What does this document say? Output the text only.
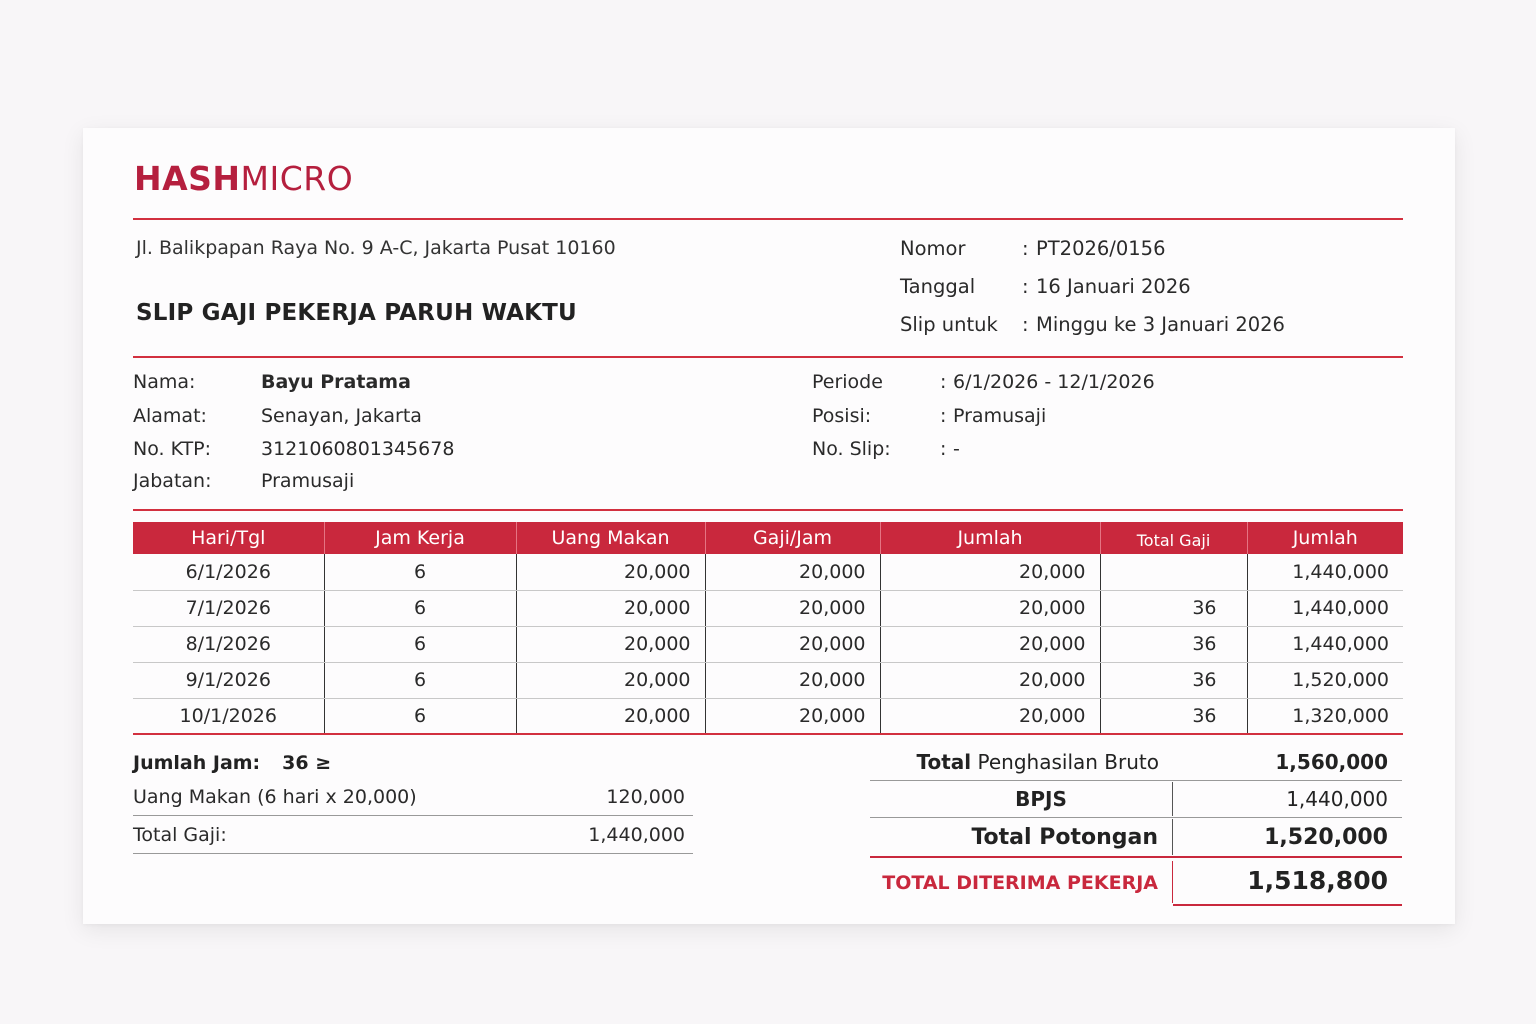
HASHMICRO
Jl. Balikpapan Raya No. 9 A-C, Jakarta Pusat 10160
SLIP GAJI PEKERJA PARUH WAKTU
Nomor	: PT2026/0156
Tanggal	: 16 Januari 2026
Slip untuk	: Minggu ke 3 Januari 2026
Nama:	Bayu Pratama
Alamat:	Senayan, Jakarta
No. KTP:	3121060801345678
Jabatan:	Pramusaji
Periode	: 6/1/2026 - 12/1/2026
Posisi:	: Pramusaji
No. Slip:	: -
Hari/Tgl	Jam Kerja	Uang Makan	Gaji/Jam	Jumlah	Total Gaji	Jumlah
6/1/2026	6	20,000	20,000	20,000		1,440,000
7/1/2026	6	20,000	20,000	20,000	36	1,440,000
8/1/2026	6	20,000	20,000	20,000	36	1,440,000
9/1/2026	6	20,000	20,000	20,000	36	1,520,000
10/1/2026	6	20,000	20,000	20,000	36	1,320,000
Jumlah Jam: 36 ≥
Uang Makan (6 hari x 20,000)	120,000
Total Gaji:	1,440,000
Total Penghasilan Bruto	1,560,000
BPJS	1,440,000
Total Potongan	1,520,000
TOTAL DITERIMA PEKERJA	1,518,800
